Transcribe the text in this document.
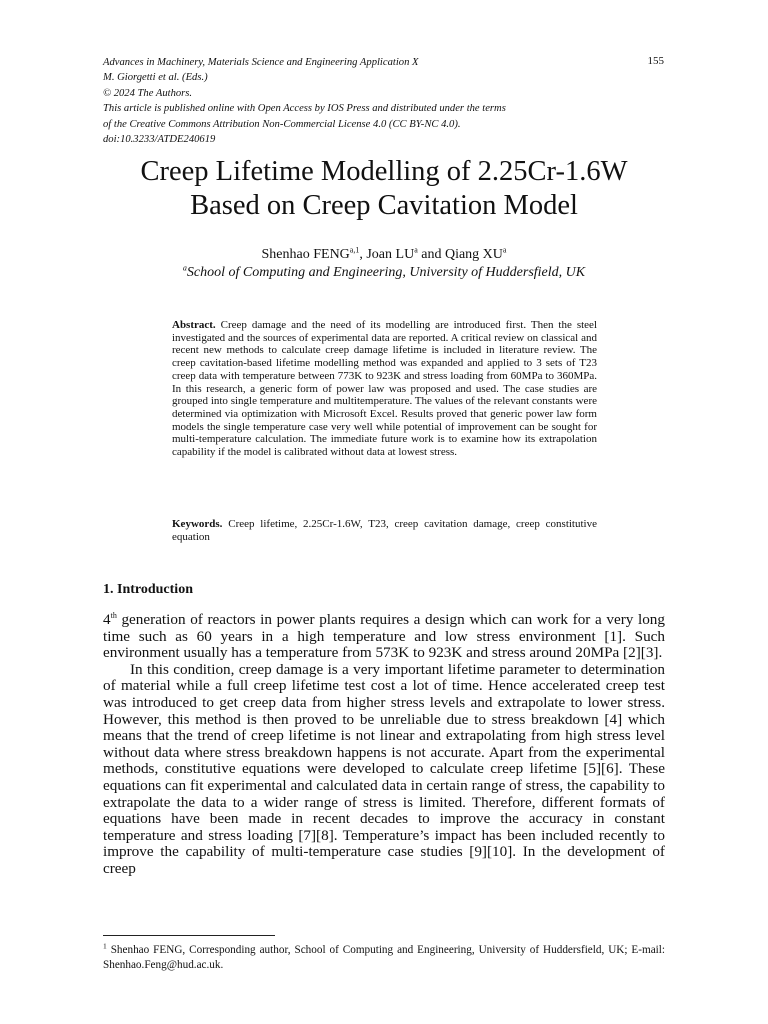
Advances in Machinery, Materials Science and Engineering Application X
M. Giorgetti et al. (Eds.)
© 2024 The Authors.
This article is published online with Open Access by IOS Press and distributed under the terms
of the Creative Commons Attribution Non-Commercial License 4.0 (CC BY-NC 4.0).
doi:10.3233/ATDE240619
155
Creep Lifetime Modelling of 2.25Cr-1.6W
Based on Creep Cavitation Model
Shenhao FENG$^{a,1}$, Joan $LU^a$ and Qiang $XU^a$
$^a$School of Computing and Engineering, University of Huddersfield, UK
Abstract. Creep damage and the need of its modelling are introduced first. Then the steel investigated and the sources of experimental data are reported. A critical review on classical and recent new methods to calculate creep damage lifetime is included in literature review. The creep cavitation-based lifetime modelling method was expanded and applied to 3 sets of T23 creep data with temperature between 773K to 923K and stress loading from 60MPa to 360MPa. In this research, a generic form of power law was proposed and used. The case studies are grouped into single temperature and multitemperature. The values of the relevant constants were determined via optimization with Microsoft Excel. Results proved that generic power law form models the single temperature case very well while potential of improvement can be sought for multi-temperature calculation. The immediate future work is to examine how its extrapolation capability if the model is calibrated without data at lowest stress.
Keywords. Creep lifetime, 2.25Cr-1.6W, T23, creep cavitation damage, creep constitutive equation
1. Introduction

4th generation of reactors in power plants requires a design which can work for a very long time such as 60 years in a high temperature and low stress environment [1]. Such environment usually has a temperature from 573K to 923K and stress around 20MPa [2][3].

In this condition, creep damage is a very important lifetime parameter to determination of material while a full creep lifetime test cost a lot of time. Hence accelerated creep test was introduced to get creep data from higher stress levels and extrapolate to lower stress. However, this method is then proved to be unreliable due to stress breakdown [4] which means that the trend of creep lifetime is not linear and extrapolating from high stress level without data where stress breakdown happens is not accurate. Apart from the experimental methods, constitutive equations were developed to calculate creep lifetime [5][6]. These equations can fit experimental and calculated data in certain range of stress, the capability to extrapolate the data to a wider range of stress is limited. Therefore, different formats of equations have been made in recent decades to improve the accuracy in constant temperature and stress loading [7][8]. Temperature’s impact has been included recently to improve the capability of multi-temperature case studies [9][10]. In the development of creep

$^1$ Shenhao FENG, Corresponding author, School of Computing and Engineering, University of Huddersfield, UK; E-mail: Shenhao.Feng@hud.ac.uk.
